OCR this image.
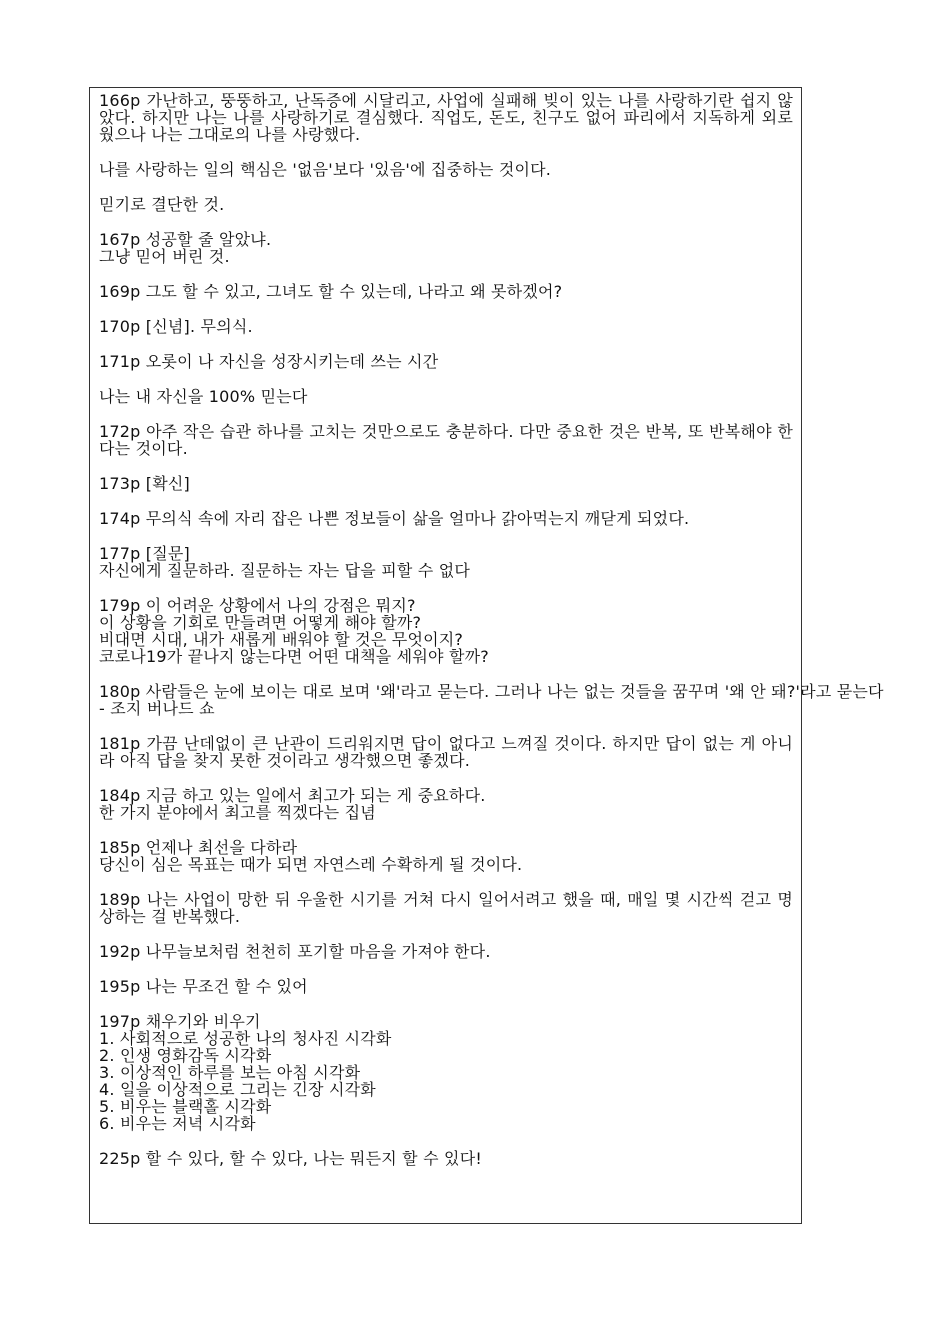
166p 가난하고, 뚱뚱하고, 난독증에 시달리고, 사업에 실패해 빚이 있는 나를 사랑하기란 쉽지 않았다. 하지만 나는 나를 사랑하기로 결심했다. 직업도, 돈도, 친구도 없어 파리에서 지독하게 외로웠으나 나는 그대로의 나를 사랑했다.
나를 사랑하는 일의 핵심은 '없음'보다 '있음'에 집중하는 것이다.
믿기로 결단한 것.
167p 성공할 줄 알았냐.
그냥 믿어 버린 것.
169p 그도 할 수 있고, 그녀도 할 수 있는데, 나라고 왜 못하겠어?
170p [신념]. 무의식.
171p 오롯이 나 자신을 성장시키는데 쓰는 시간
나는 내 자신을 100% 믿는다
172p 아주 작은 습관 하나를 고치는 것만으로도 충분하다. 다만 중요한 것은 반복, 또 반복해야 한다는 것이다.
173p [확신]
174p 무의식 속에 자리 잡은 나쁜 정보들이 삶을 얼마나 갉아먹는지 깨닫게 되었다.
177p [질문]
자신에게 질문하라. 질문하는 자는 답을 피할 수 없다
179p 이 어려운 상황에서 나의 강점은 뭐지?
이 상황을 기회로 만들려면 어떻게 해야 할까?
비대면 시대, 내가 새롭게 배워야 할 것은 무엇이지?
코로나19가 끝나지 않는다면 어떤 대책을 세워야 할까?
180p 사람들은 눈에 보이는 대로 보며 '왜'라고 묻는다. 그러나 나는 없는 것들을 꿈꾸며 '왜 안 돼?'라고 묻는다
- 조지 버나드 쇼
181p 가끔 난데없이 큰 난관이 드리워지면 답이 없다고 느껴질 것이다. 하지만 답이 없는 게 아니라 아직 답을 찾지 못한 것이라고 생각했으면 좋겠다.
184p 지금 하고 있는 일에서 최고가 되는 게 중요하다.
한 가지 분야에서 최고를 찍겠다는 집념
185p 언제나 최선을 다하라
당신이 심은 목표는 때가 되면 자연스레 수확하게 될 것이다.
189p 나는 사업이 망한 뒤 우울한 시기를 거쳐 다시 일어서려고 했을 때, 매일 몇 시간씩 걷고 명상하는 걸 반복했다.
192p 나무늘보처럼 천천히 포기할 마음을 가져야 한다.
195p 나는 무조건 할 수 있어
197p 채우기와 비우기
1. 사회적으로 성공한 나의 청사진 시각화
2. 인생 영화감독 시각화
3. 이상적인 하루를 보는 아침 시각화
4. 일을 이상적으로 그리는 긴장 시각화
5. 비우는 블랙홀 시각화
6. 비우는 저녁 시각화
225p 할 수 있다, 할 수 있다, 나는 뭐든지 할 수 있다!
